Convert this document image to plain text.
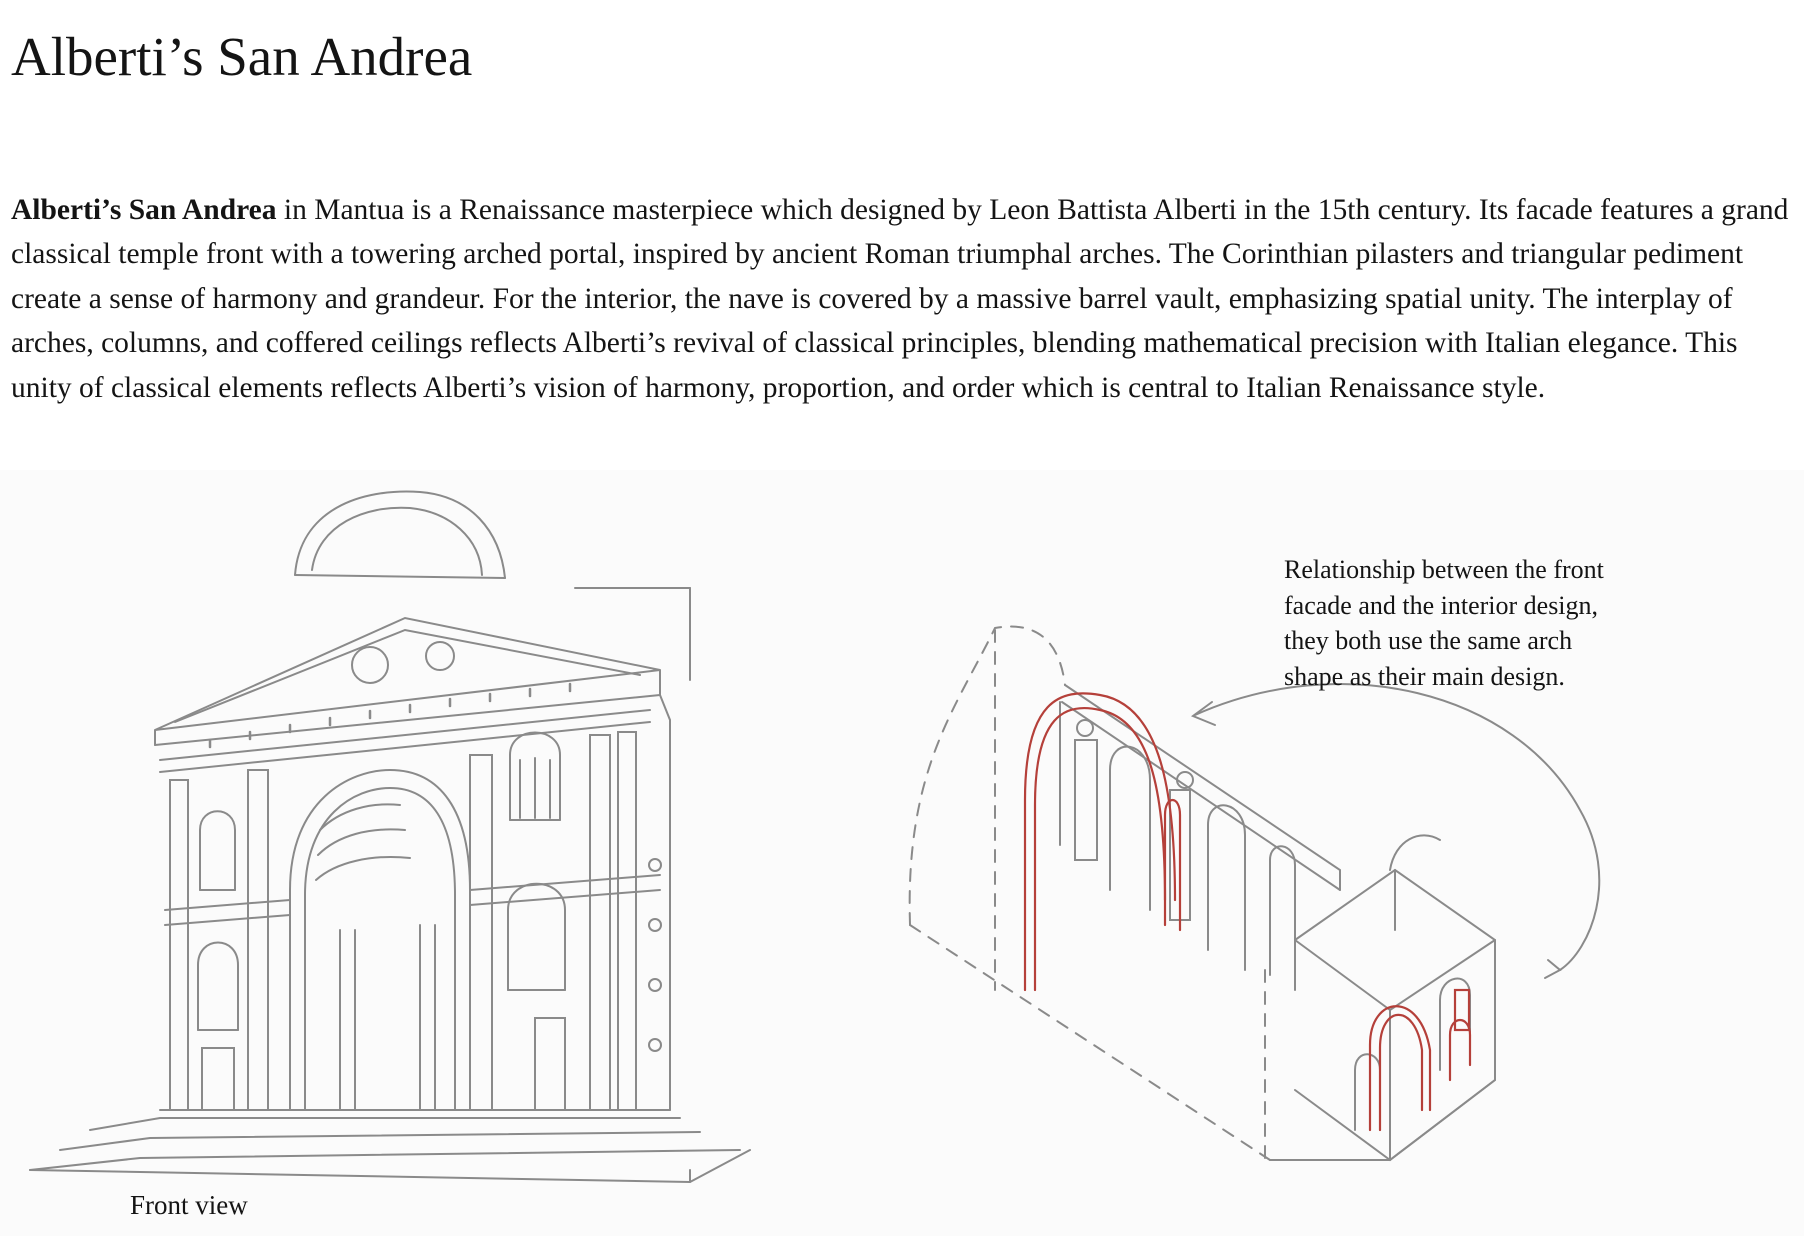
Alberti’s San Andrea

Alberti’s San Andrea in Mantua is a Renaissance masterpiece which designed by Leon Battista Alberti in the 15th century. Its facade features a grand classical temple front with a towering arched portal, inspired by ancient Roman triumphal arches. The Corinthian pilasters and triangular pediment create a sense of harmony and grandeur. For the interior, the nave is covered by a massive barrel vault, emphasizing spatial unity. The interplay of arches, columns, and coffered ceilings reflects Alberti’s revival of classical principles, blending mathematical precision with Italian elegance. This unity of classical elements reflects Alberti’s vision of harmony, proportion, and order which is central to Italian Renaissance style.

Relationship between the front
facade and the interior design,
they both use the same arch
shape as their main design.
Front view
